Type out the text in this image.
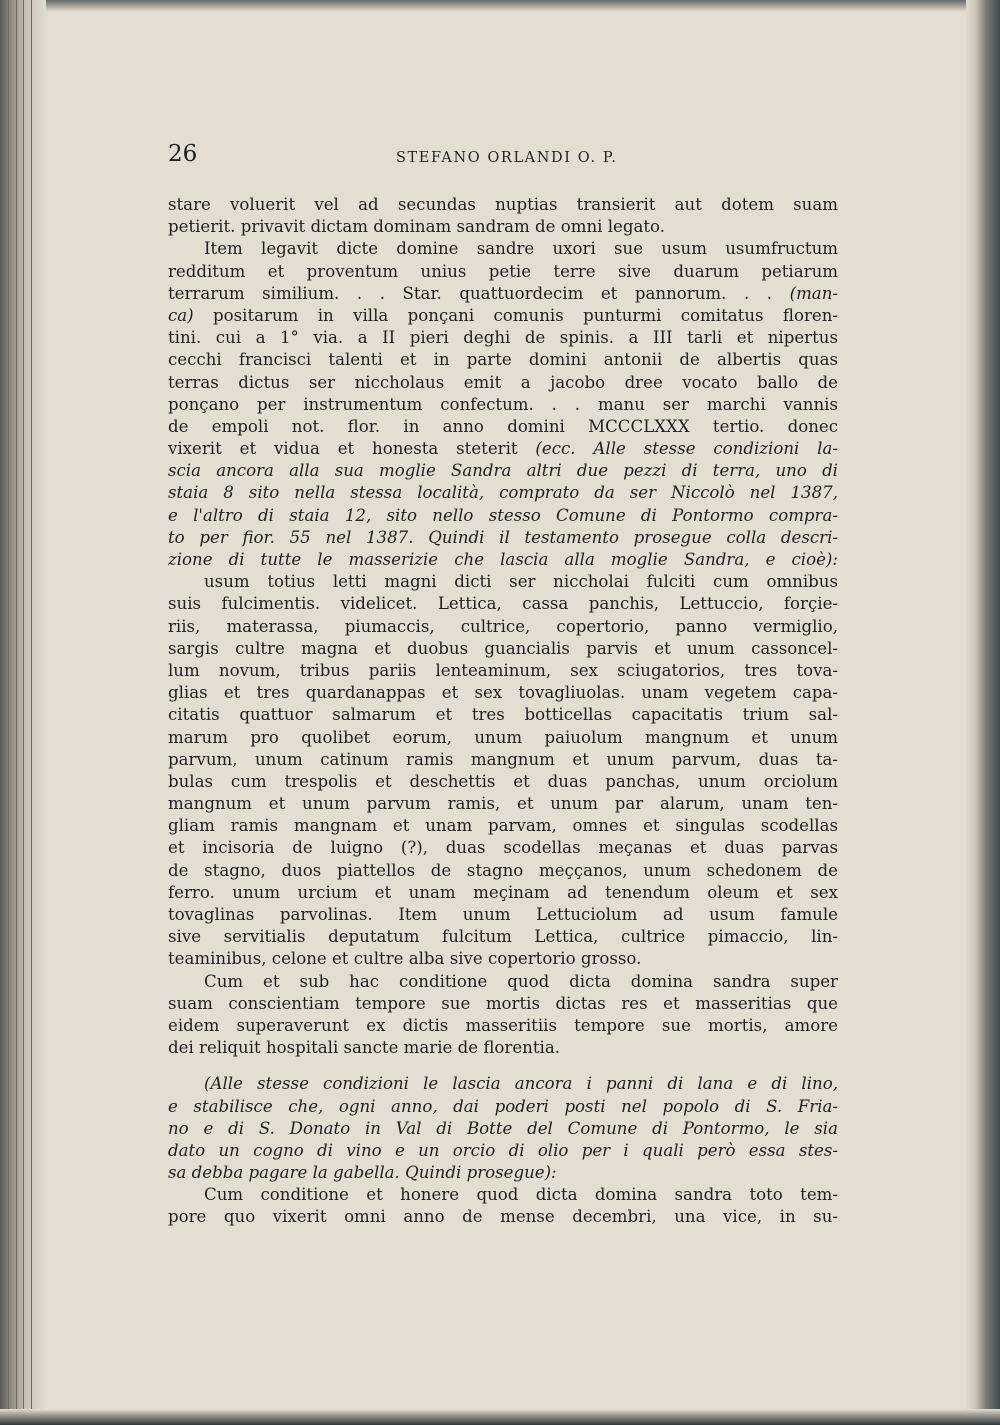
26	STEFANO ORLANDI O. P.
stare voluerit vel ad secundas nuptias transierit aut dotem suam
petierit. privavit dictam dominam sandram de omni legato.
Item legavit dicte domine sandre uxori sue usum usumfructum
redditum et proventum unius petie terre sive duarum petiarum
terrarum similium. . . Star. quattuordecim et pannorum. . . (man-
ca) positarum in villa ponçani comunis punturmi comitatus floren-
tini. cui a 1° via. a II pieri deghi de spinis. a III tarli et nipertus
cecchi francisci talenti et in parte domini antonii de albertis quas
terras dictus ser niccholaus emit a jacobo dree vocato ballo de
ponçano per instrumentum confectum. . . manu ser marchi vannis
de empoli not. flor. in anno domini MCCCLXXX tertio. donec
vixerit et vidua et honesta steterit (ecc. Alle stesse condizioni la-
scia ancora alla sua moglie Sandra altri due pezzi di terra, uno di
staia 8 sito nella stessa località, comprato da ser Niccolò nel 1387,
e l'altro di staia 12, sito nello stesso Comune di Pontormo compra-
to per fior. 55 nel 1387. Quindi il testamento prosegue colla descri-
zione di tutte le masserizie che lascia alla moglie Sandra, e cioè):
usum totius letti magni dicti ser niccholai fulciti cum omnibus
suis fulcimentis. videlicet. Lettica, cassa panchis, Lettuccio, forçie-
riis, materassa, piumaccis, cultrice, copertorio, panno vermiglio,
sargis cultre magna et duobus guancialis parvis et unum cassoncel-
lum novum, tribus pariis lenteaminum, sex sciugatorios, tres tova-
glias et tres quardanappas et sex tovagliuolas. unam vegetem capa-
citatis quattuor salmarum et tres botticellas capacitatis trium sal-
marum pro quolibet eorum, unum paiuolum mangnum et unum
parvum, unum catinum ramis mangnum et unum parvum, duas ta-
bulas cum trespolis et deschettis et duas panchas, unum orciolum
mangnum et unum parvum ramis, et unum par alarum, unam ten-
gliam ramis mangnam et unam parvam, omnes et singulas scodellas
et incisoria de luigno (?), duas scodellas meçanas et duas parvas
de stagno, duos piattellos de stagno meççanos, unum schedonem de
ferro. unum urcium et unam meçinam ad tenendum oleum et sex
tovaglinas parvolinas. Item unum Lettuciolum ad usum famule
sive servitialis deputatum fulcitum Lettica, cultrice pimaccio, lin-
teaminibus, celone et cultre alba sive copertorio grosso.
Cum et sub hac conditione quod dicta domina sandra super
suam conscientiam tempore sue mortis dictas res et masseritias que
eidem superaverunt ex dictis masseritiis tempore sue mortis, amore
dei reliquit hospitali sancte marie de florentia.
(Alle stesse condizioni le lascia ancora i panni di lana e di lino,
e stabilisce che, ogni anno, dai poderi posti nel popolo di S. Fria-
no e di S. Donato in Val di Botte del Comune di Pontormo, le sia
dato un cogno di vino e un orcio di olio per i quali però essa stes-
sa debba pagare la gabella. Quindi prosegue):
Cum conditione et honere quod dicta domina sandra toto tem-
pore quo vixerit omni anno de mense decembri, una vice, in su-
